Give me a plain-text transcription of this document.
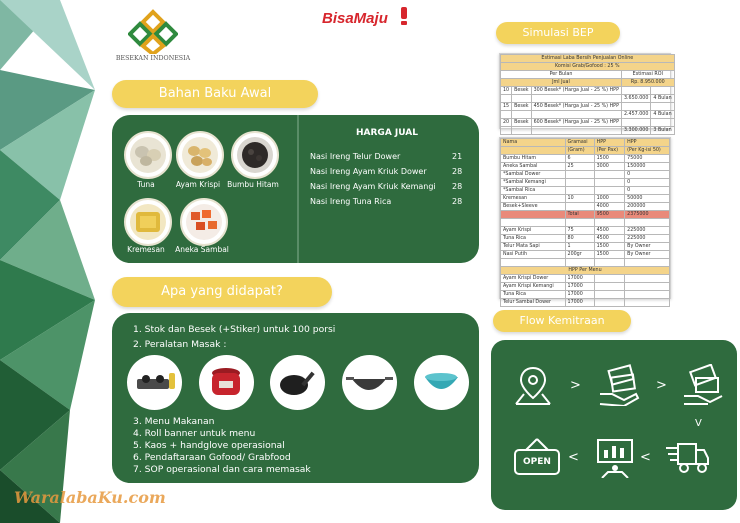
BESEKAN INDONESIA
BisaMaju
Bahan Baku Awal
Tuna	Ayam Krispi Bumbu Hitam
Kremesan	Aneka Sambal
HARGA JUAL
Nasi Ireng Telur Dower	21
Nasi Ireng Ayam Kriuk Dower	28
Nasi Ireng Ayam Kriuk Kemangi 28
Nasi Ireng Tuna Rica	28
Apa yang didapat?
1. Stok dan Besek (+Stiker) untuk 100 porsi
2. Peralatan Masak :
3. Menu Makanan
4. Roll banner untuk menu
5. Kaos + handglove operasional
6. Pendaftaraan Gofood/ Grabfood
7. SOP operasional dan cara memasak
Simulasi BEP
Estimasi Laba Bersih Penjualan Online				
Komisi Grab/Gofood : 25 %				
Per Bulan			Estimasi ROI	
Jml Jual			Rp. 8.950.000	
10	Besek	300 Besek* (Harga Jual - 25 %) HPP		
			3.650.000	4 Bulan
15	Besek	450 Besek* (Harga Jual - 25 %) HPP		
			2.457.000	4 Bulan
20	Besek	600 Besek* (Harga Jual - 25 %) HPP		
			3.300.000	3 Bulan
Nama	Gramasi	HPP	HPP
	(Gram)	(Per Pax)	(Per Kg-isi 50)
Bumbu Hitam	6	1500	75000
Aneka Sambal	25	3000	150000
*Sambal Dower			0
*Sambal Kemangi			0
*Sambal Rica			0
Kremesan	10	1000	50000
Besek+Sleeve		4000	200000
	Total	9500	2375000

Ayam Krispi	75	4500	225000
Tuna Rica	80	4500	225000
Telur Mata Sapi	1	1500	By Owner
Nasi Putih	200gr	1500	By Owner

HPP Per Menu			
Ayam Krispi Dower	17000		
Ayam Krispi Kemangi	17000		
Tuna Rica	17000		
Telur Sambal Dower	17000		
Flow Kemitraan
>	>
V
OPEN	<	<
WaralabaKu.com
